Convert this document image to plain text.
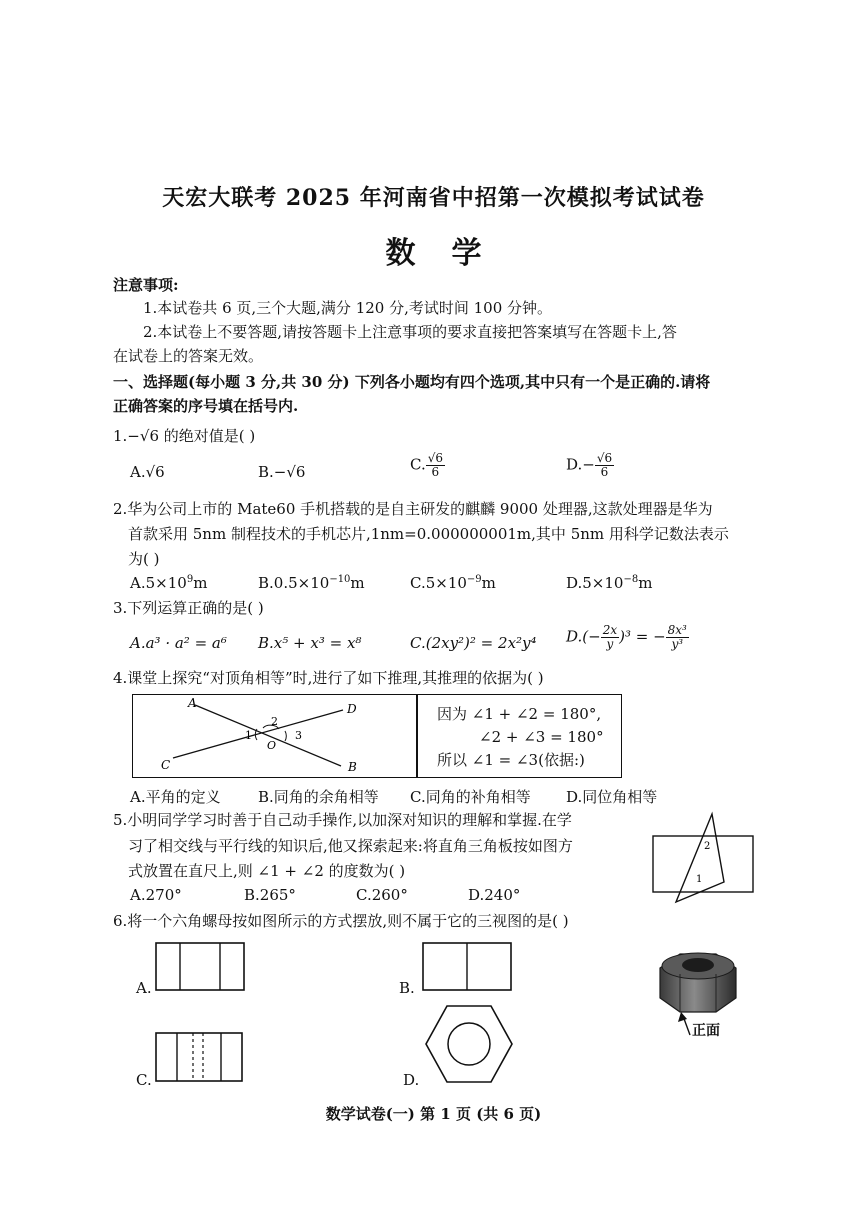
天宏大联考 2025 年河南省中招第一次模拟考试试卷
数学
注意事项:
1.本试卷共 6 页,三个大题,满分 120 分,考试时间 100 分钟。
2.本试卷上不要答题,请按答题卡上注意事项的要求直接把答案填写在答题卡上,答
在试卷上的答案无效。
一、选择题(每小题 3 分,共 30 分) 下列各小题均有四个选项,其中只有一个是正确的.请将
正确答案的序号填在括号内.
1.−√6 的绝对值是( )
A.√6	B.−√6	C. $\frac{√6}{6}$	$D.- \frac{√6}{6}$
2.华为公司上市的 Mate60 手机搭载的是自主研发的麒麟 9000 处理器,这款处理器是华为
首款采用 5nm 制程技术的手机芯片,1nm=0.000000001m,其中 5nm 用科学记数法表示
为( )
$A.5\times 10^9m$	$B.0.5\times 10^{-10}m$	$C.5\times 10^{-9}m$	$D.5\times 10^{-8}m$
3.下列运算正确的是( )
A.a³ · a² = a⁶ B.x⁵ + x³ = x⁸	C.(2xy²)² = 2x²y⁴ $D.(- \frac{2x}{y} )^3$ = − $\frac{\text{8x³}}{\text{y³}}$
4.课堂上探究“对顶角相等”时,进行了如下推理,其推理的依据为( )
A	D
C	B
O
1
2
3
因为 ∠1 + ∠2 = 180°,
∠2 + ∠3 = 180°
所以 ∠1 = ∠3(依据:)
A.平角的定义 B.同角的余角相等 C.同角的补角相等 D.同位角相等
5.小明同学学习时善于自己动手操作,以加深对知识的理解和掌握.在学
习了相交线与平行线的知识后,他又探索起来:将直角三角板按如图方
式放置在直尺上,则 ∠1 + ∠2 的度数为( )
A.270°	B.265°	C.260°	D.240°
2
1
6.将一个六角螺母按如图所示的方式摆放,则不属于它的三视图的是( )
A.	B.
C.	D.
正面
数学试卷(一) 第 1 页 (共 6 页)
